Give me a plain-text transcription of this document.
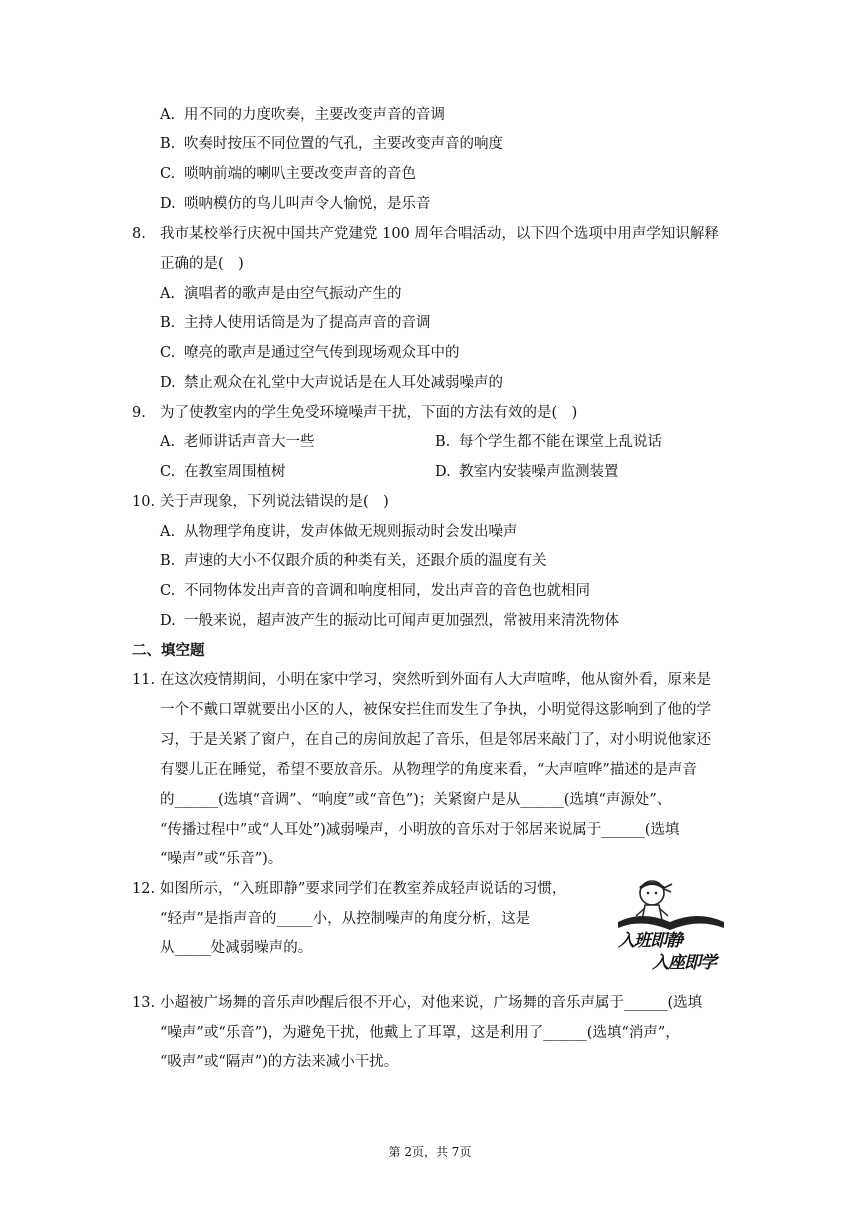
A. 用不同的力度吹奏，主要改变声音的音调
B. 吹奏时按压不同位置的气孔，主要改变声音的响度
C. 唢呐前端的喇叭主要改变声音的音色
D. 唢呐模仿的鸟儿叫声令人愉悦，是乐音
8. 我市某校举行庆祝中国共产党建党 100 周年合唱活动，以下四个选项中用声学知识解释
正确的是(　)
A. 演唱者的歌声是由空气振动产生的
B. 主持人使用话筒是为了提高声音的音调
C. 嘹亮的歌声是通过空气传到现场观众耳中的
D. 禁止观众在礼堂中大声说话是在人耳处减弱噪声的
9. 为了使教室内的学生免受环境噪声干扰，下面的方法有效的是(　)
A. 老师讲话声音大一些	B. 每个学生都不能在课堂上乱说话
C. 在教室周围植树	D. 教室内安装噪声监测装置
10. 关于声现象，下列说法错误的是(　)
A. 从物理学角度讲，发声体做无规则振动时会发出噪声
B. 声速的大小不仅跟介质的种类有关，还跟介质的温度有关
C. 不同物体发出声音的音调和响度相同，发出声音的音色也就相同
D. 一般来说，超声波产生的振动比可闻声更加强烈，常被用来清洗物体
二、填空题
11. 在这次疫情期间，小明在家中学习，突然听到外面有人大声喧哗，他从窗外看，原来是
一个不戴口罩就要出小区的人，被保安拦住而发生了争执，小明觉得这影响到了他的学
习，于是关紧了窗户，在自己的房间放起了音乐，但是邻居来敲门了，对小明说他家还
有婴儿正在睡觉，希望不要放音乐。从物理学的角度来看，“大声喧哗”描述的是声音
的______(选填“音调”、“响度”或“音色”)；关紧窗户是从______(选填“声源处”、
“传播过程中”或“人耳处”)减弱噪声，小明放的音乐对于邻居来说属于______(选填
“噪声”或“乐音”)。
12. 如图所示，“入班即静”要求同学们在教室养成轻声说话的习惯，
“轻声”是指声音的_____小，从控制噪声的角度分析，这是
从_____处减弱噪声的。	入班即静
入座即学
13. 小超被广场舞的音乐声吵醒后很不开心，对他来说，广场舞的音乐声属于______(选填
“噪声”或“乐音”)，为避免干扰，他戴上了耳罩，这是利用了______(选填“消声”，
“吸声”或“隔声”)的方法来减小干扰。
第 2页，共 7页
